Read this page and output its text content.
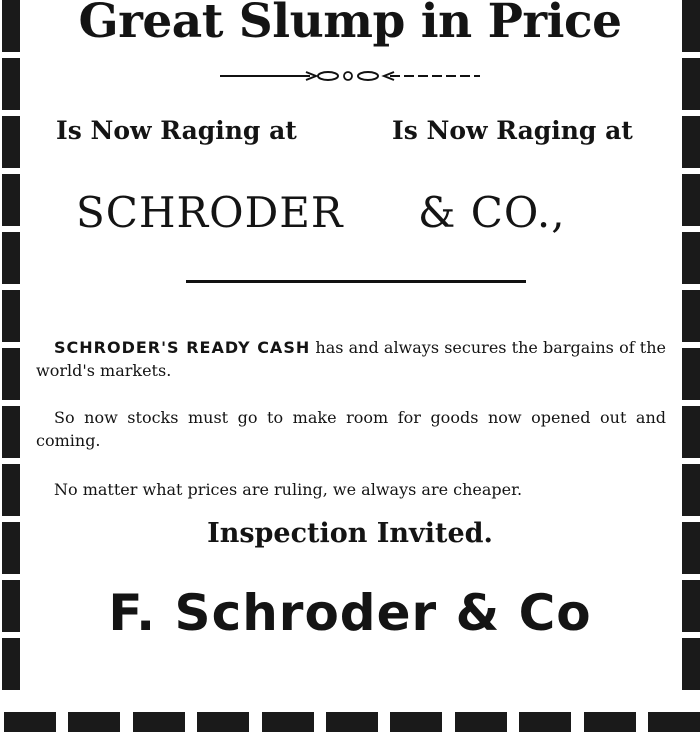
Great Slump in Price
Is Now Raging at	Is Now Raging at
SCHRODER & CO.,

SCHRODER'S READY CASH has and always secures the bargains of the world's markets.

So now stocks must go to make room for goods now opened out and coming.

No matter what prices are ruling, we always are cheaper.

Inspection Invited.
F. Schroder & Co
